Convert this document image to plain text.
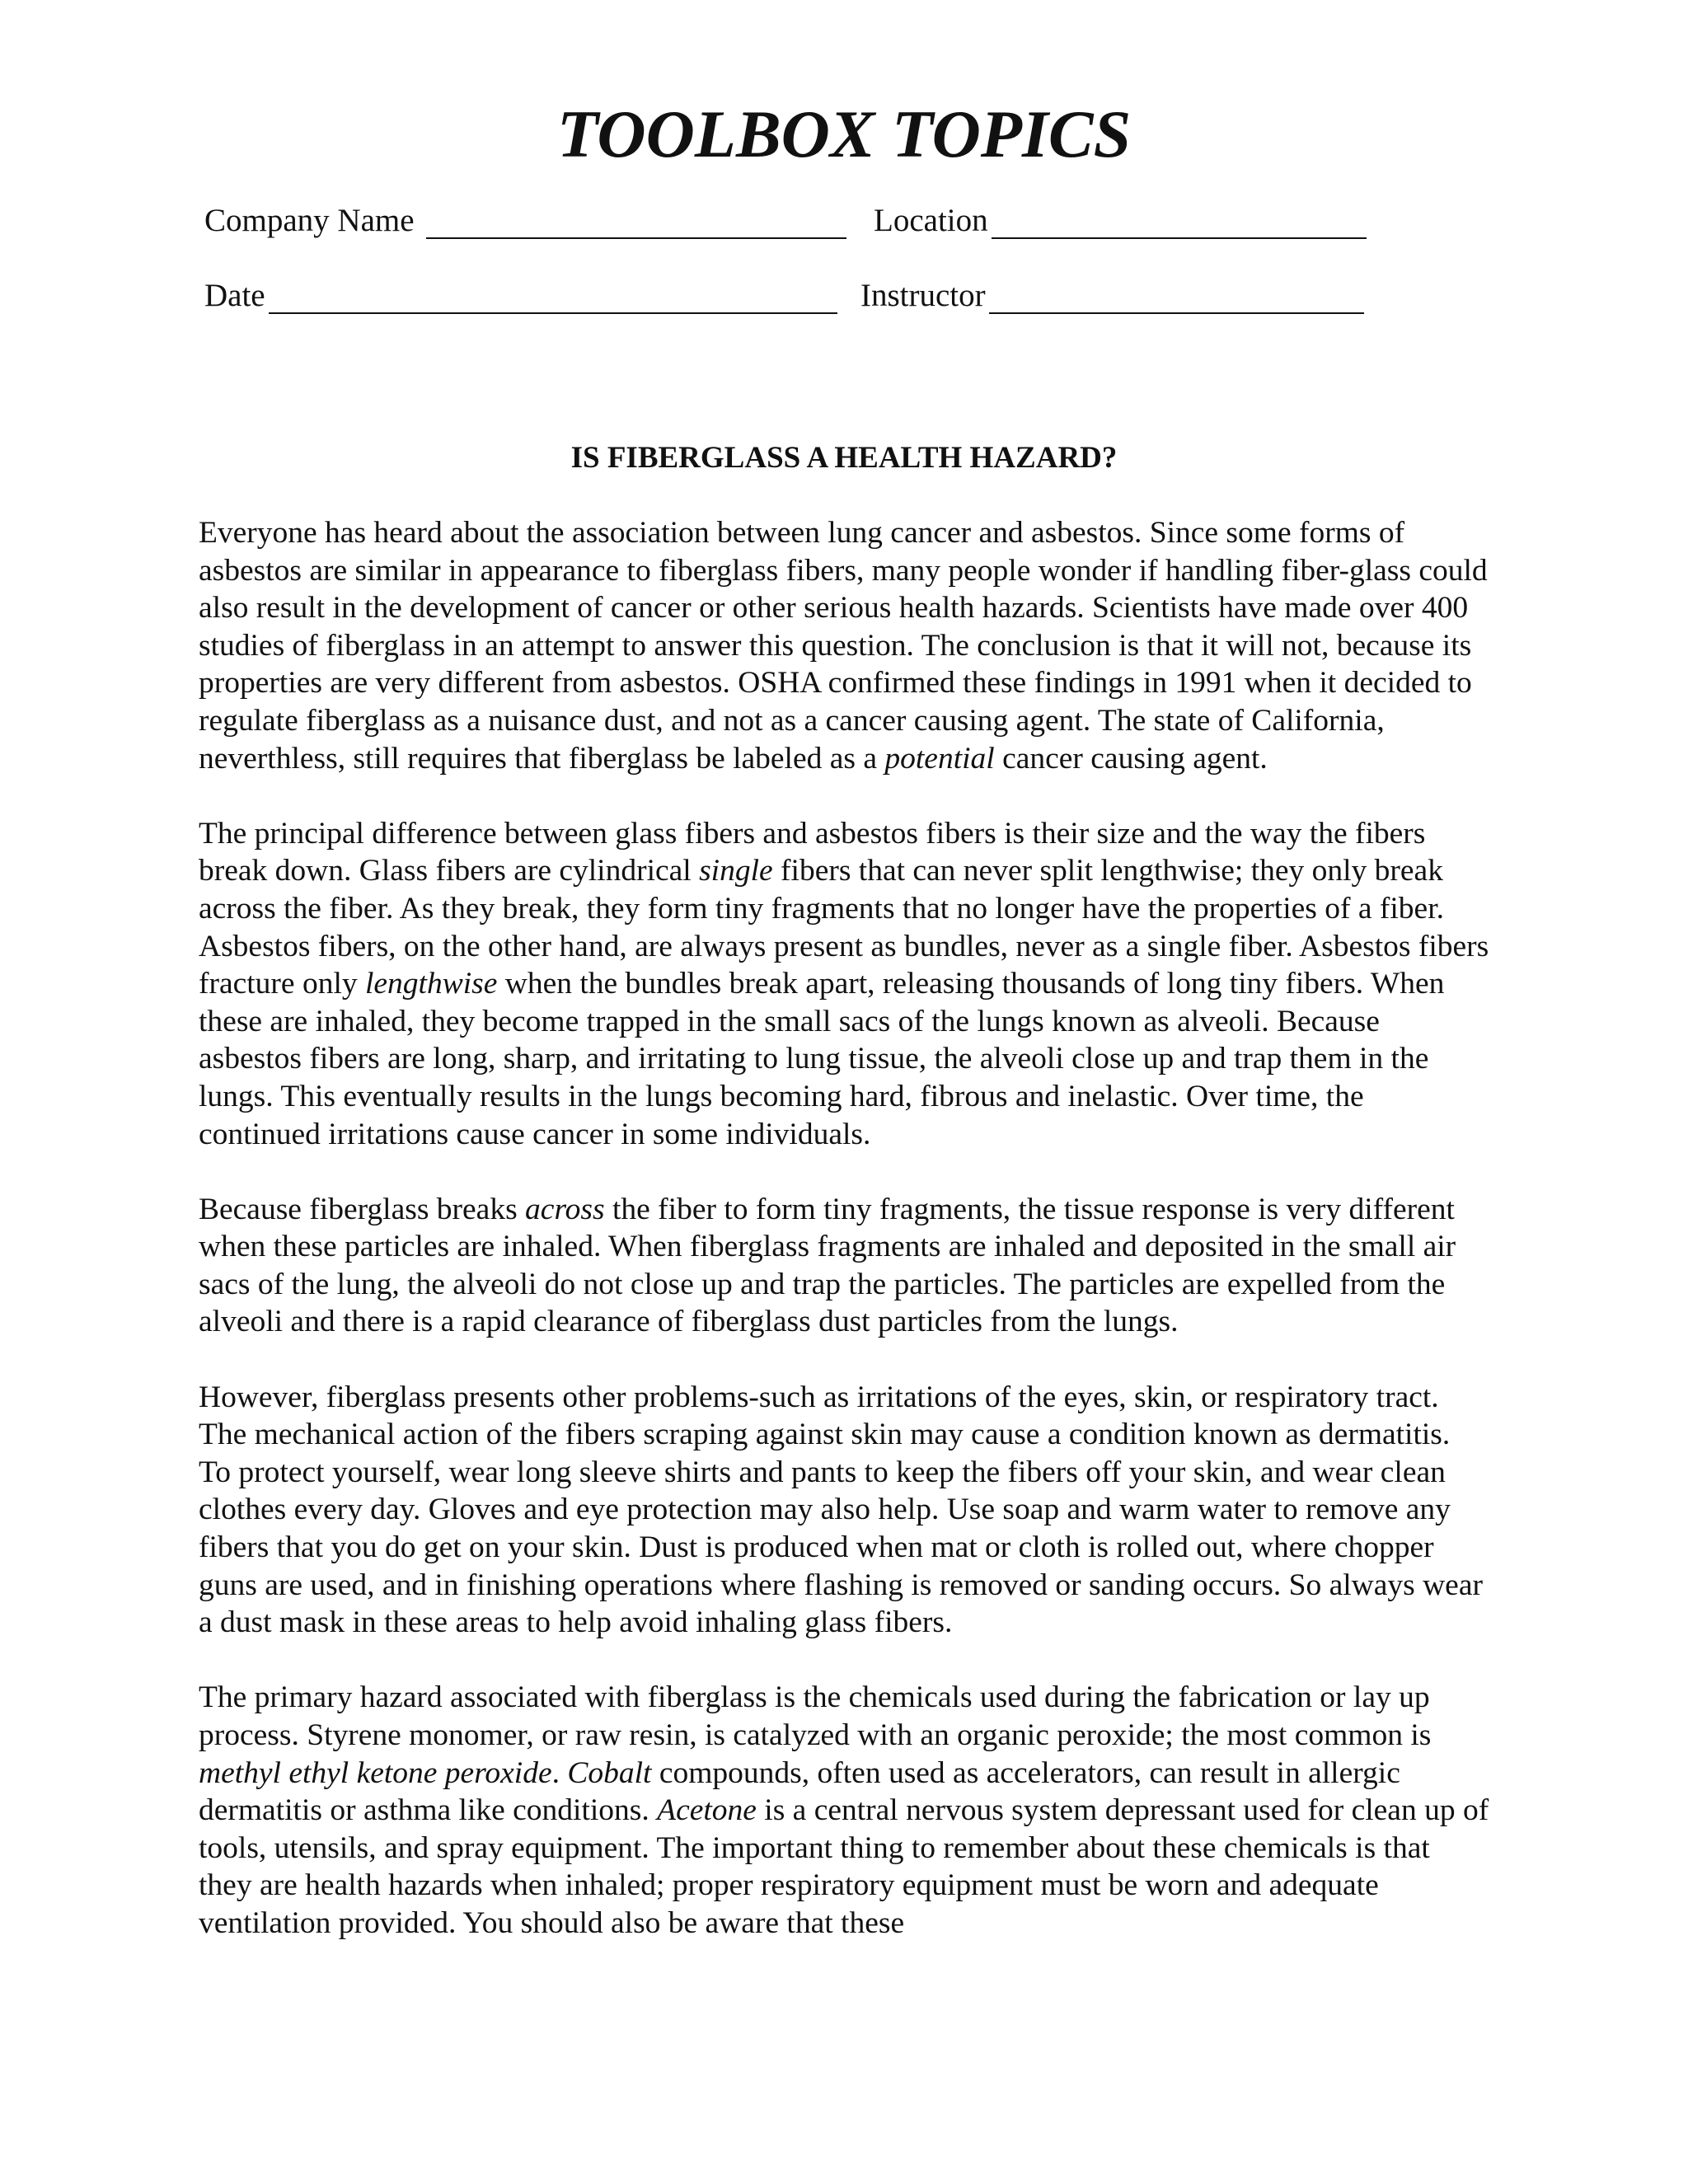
TOOLBOX TOPICS
Company Name	Location
Date	Instructor
IS FIBERGLASS A HEALTH HAZARD?

Everyone has heard about the association between lung cancer and asbestos. Since some forms of asbestos are similar in appearance to fiberglass fibers, many people wonder if handling fiber-glass could also result in the development of cancer or other serious health hazards. Scientists have made over 400 studies of fiberglass in an attempt to answer this question. The conclusion is that it will not, because its properties are very different from asbestos. OSHA confirmed these findings in 1991 when it decided to regulate fiberglass as a nuisance dust, and not as a cancer causing agent. The state of California, neverthless, still requires that fiberglass be labeled as a potential cancer causing agent.

The principal difference between glass fibers and asbestos fibers is their size and the way the fibers break down. Glass fibers are cylindrical single fibers that can never split lengthwise; they only break across the fiber. As they break, they form tiny fragments that no longer have the properties of a fiber. Asbestos fibers, on the other hand, are always present as bundles, never as a single fiber. Asbestos fibers fracture only lengthwise when the bundles break apart, releasing thousands of long tiny fibers. When these are inhaled, they become trapped in the small sacs of the lungs known as alveoli. Because asbestos fibers are long, sharp, and irritating to lung tissue, the alveoli close up and trap them in the lungs. This eventually results in the lungs becoming hard, fibrous and inelastic. Over time, the continued irritations cause cancer in some individuals.

Because fiberglass breaks across the fiber to form tiny fragments, the tissue response is very different when these particles are inhaled. When fiberglass fragments are inhaled and deposited in the small air sacs of the lung, the alveoli do not close up and trap the particles. The particles are expelled from the alveoli and there is a rapid clearance of fiberglass dust particles from the lungs.

However, fiberglass presents other problems-such as irritations of the eyes, skin, or respiratory tract. The mechanical action of the fibers scraping against skin may cause a condition known as dermatitis. To protect yourself, wear long sleeve shirts and pants to keep the fibers off your skin, and wear clean clothes every day. Gloves and eye protection may also help. Use soap and warm water to remove any fibers that you do get on your skin. Dust is produced when mat or cloth is rolled out, where chopper guns are used, and in finishing operations where flashing is removed or sanding occurs. So always wear a dust mask in these areas to help avoid inhaling glass fibers.

The primary hazard associated with fiberglass is the chemicals used during the fabrication or lay up process. Styrene monomer, or raw resin, is catalyzed with an organic peroxide; the most common is methyl ethyl ketone peroxide. Cobalt compounds, often used as accelerators, can result in allergic dermatitis or asthma like conditions. Acetone is a central nervous system depressant used for clean up of tools, utensils, and spray equipment. The important thing to remember about these chemicals is that they are health hazards when inhaled; proper respiratory equipment must be worn and adequate ventilation provided. You should also be aware that these
